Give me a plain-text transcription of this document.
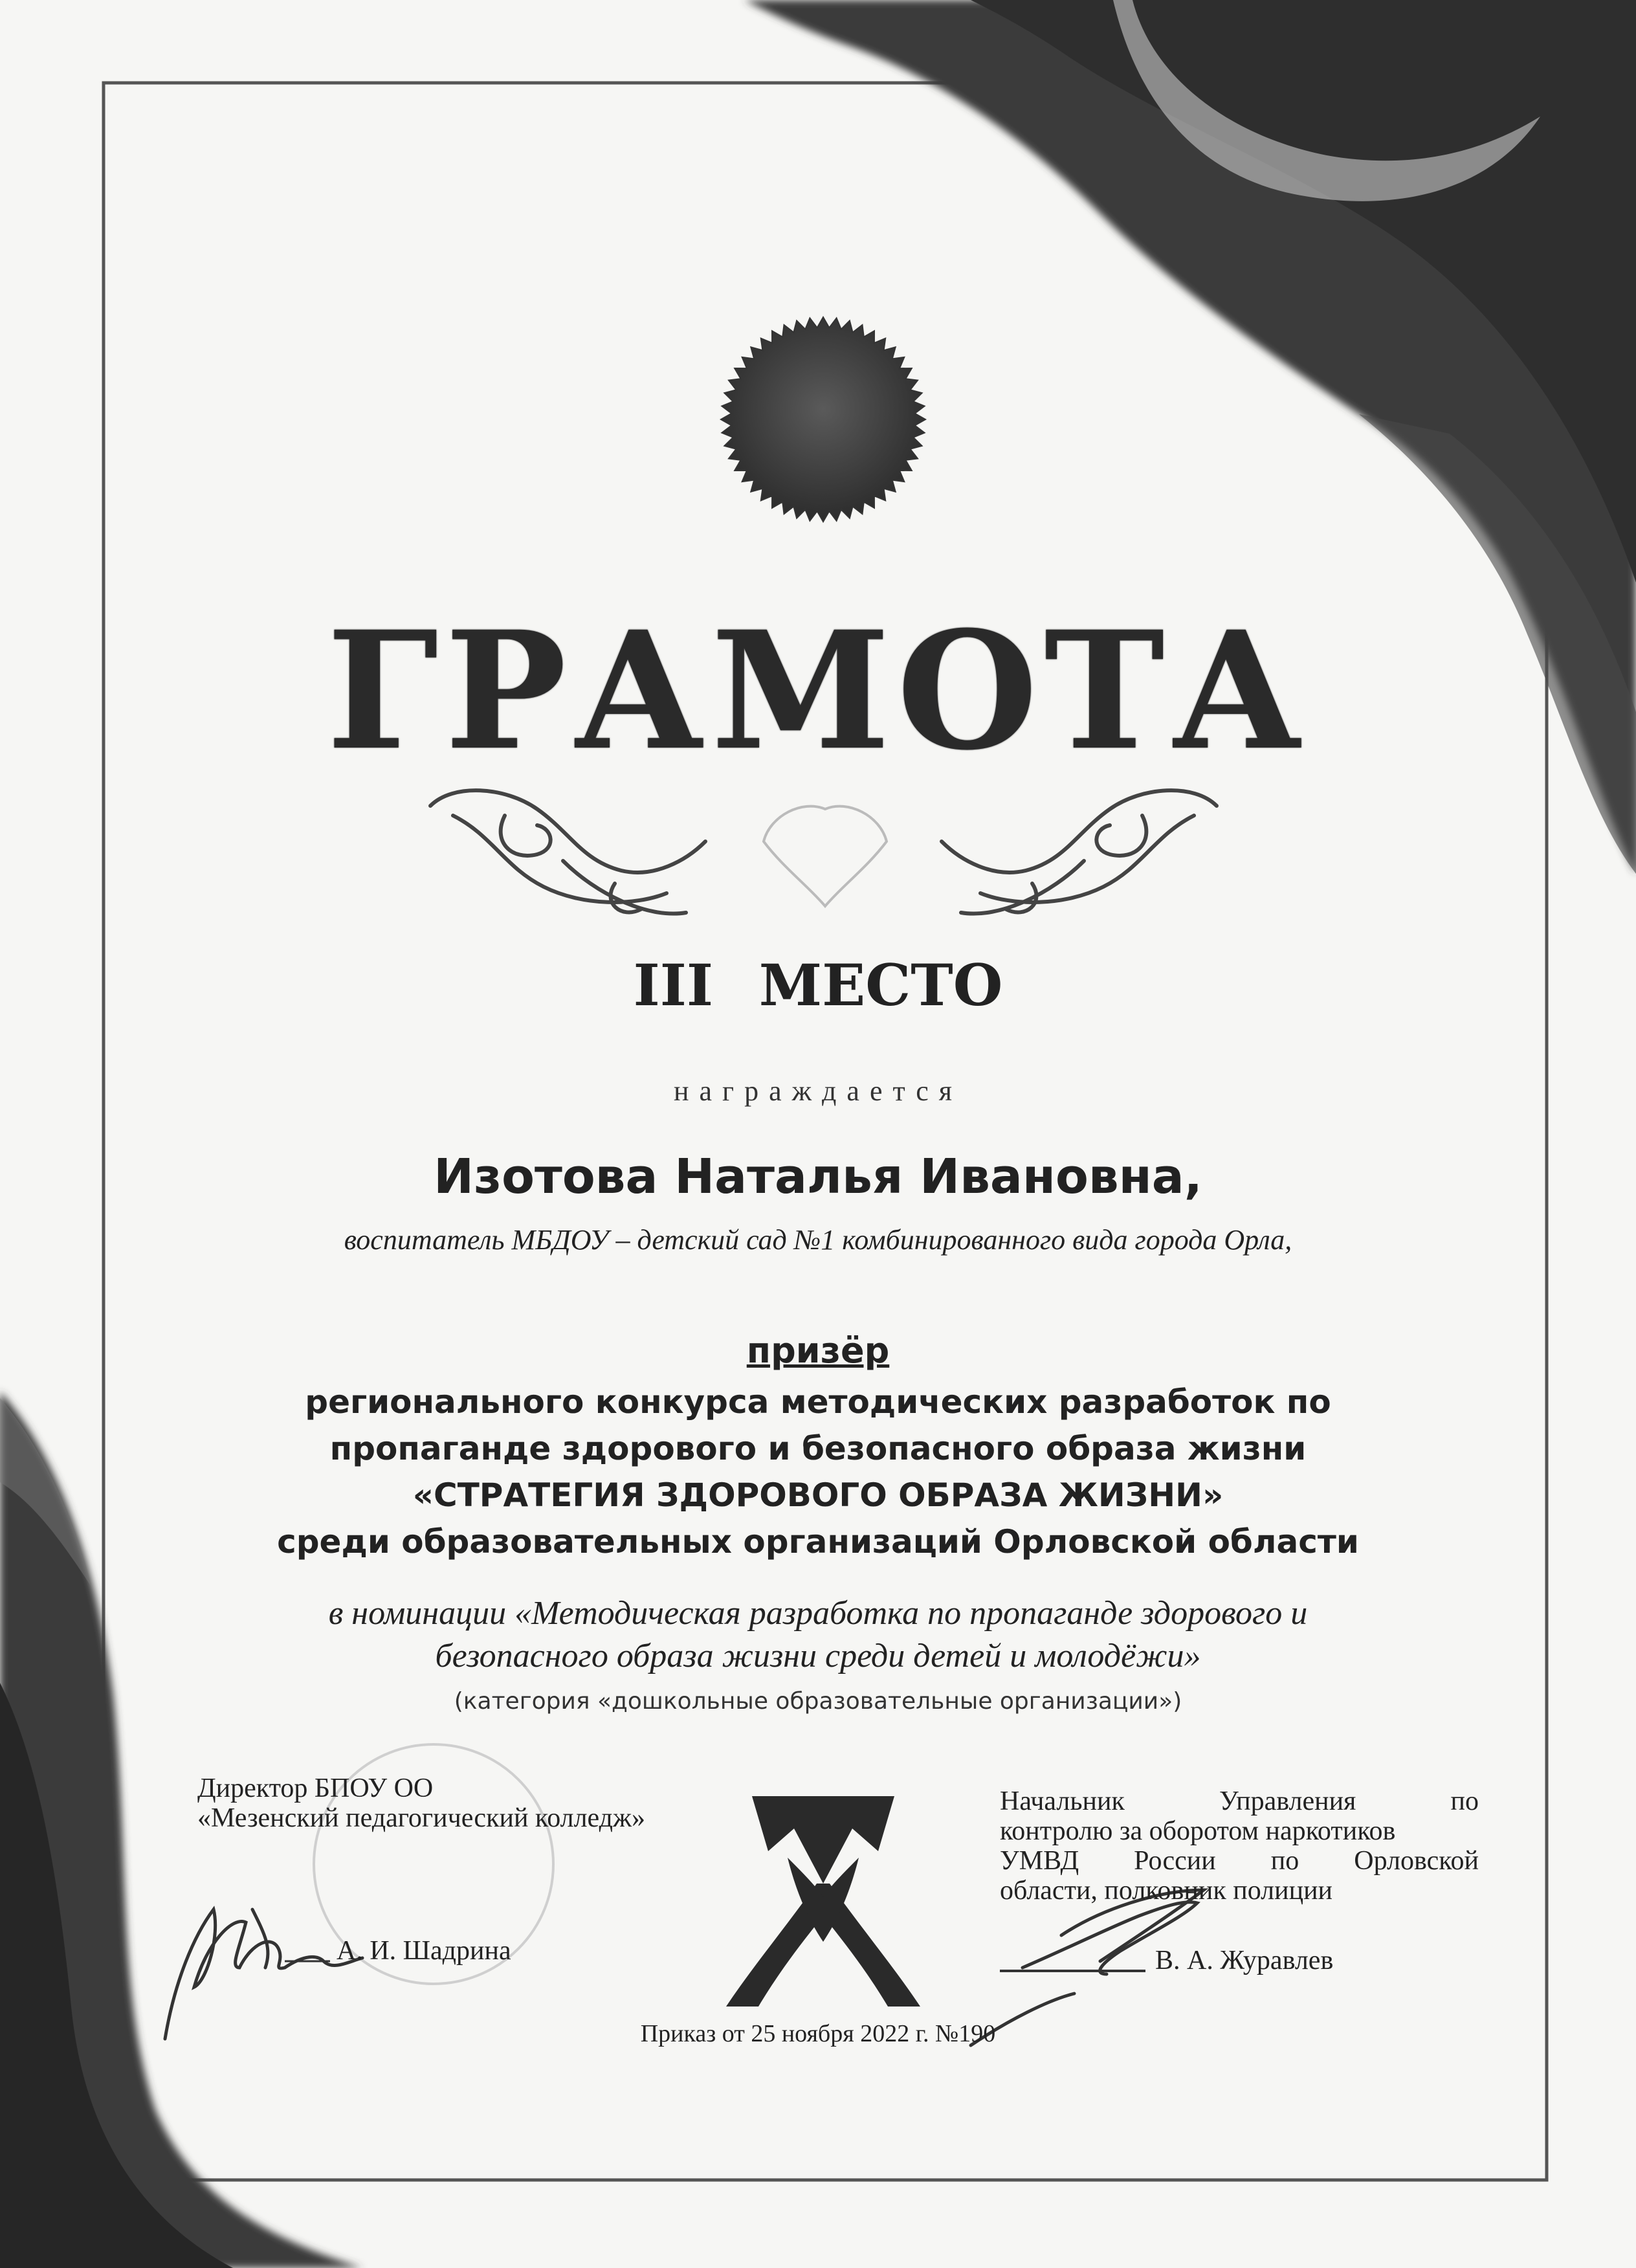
ГРАМОТА
III МЕСТО
награждается
Изотова Наталья Ивановна,
воспитатель МБДОУ – детский сад №1 комбинированного вида города Орла,
призёр
регионального конкурса методических разработок по
пропаганде здорового и безопасного образа жизни
«СТРАТЕГИЯ ЗДОРОВОГО ОБРАЗА ЖИЗНИ»
среди образовательных организаций Орловской области
в номинации «Методическая разработка по пропаганде здорового и
безопасного образа жизни среди детей и молодёжи»
(категория «дошкольные образовательные организации»)
Директор БПОУ ОО
«Мезенский педагогический колледж»
А. И. Шадрина
Начальник Управления по
контролю за оборотом наркотиков
УМВД России по Орловской
области, полковник полиции
В. А. Журавлев
Приказ от 25 ноября 2022 г. №190
